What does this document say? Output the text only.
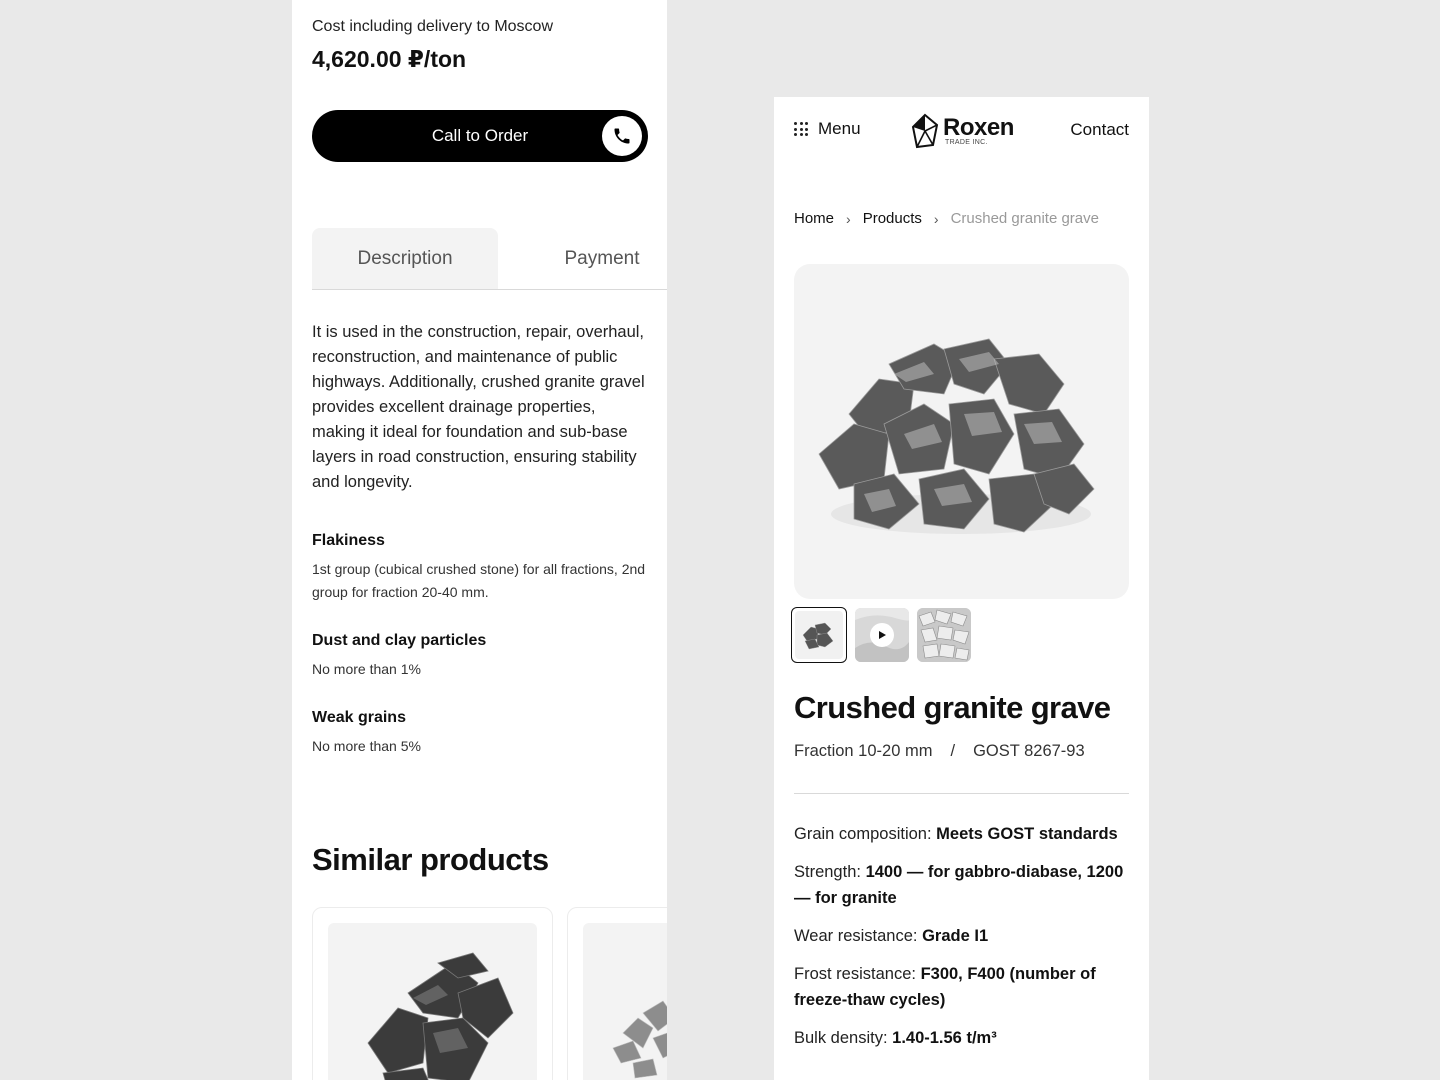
Cost including delivery to Moscow
4,620.00 ₽/ton
Call to Order
Description	Payment

It is used in the construction, repair, overhaul, reconstruction, and maintenance of public highways. Additionally, crushed granite gravel provides excellent drainage properties, making it ideal for foundation and sub-base layers in road construction, ensuring stability and longevity.

Flakiness

1st group (cubical crushed stone) for all fractions, 2nd group for fraction 20-40 mm.

Dust and clay particles

No more than 1%

Weak grains

No more than 5%

Similar products
Menu	Roxen
TRADE INC.
Contact
Home › Products › Crushed granite grave
Crushed granite grave
Fraction 10-20 mm / GOST 8267-93
Grain composition: Meets GOST standards
Strength: 1400 — for gabbro-diabase, 1200 — for granite
Wear resistance: Grade I1
Frost resistance: F300, F400 (number of freeze-thaw cycles)
Bulk density: 1.40-1.56 t/m³
